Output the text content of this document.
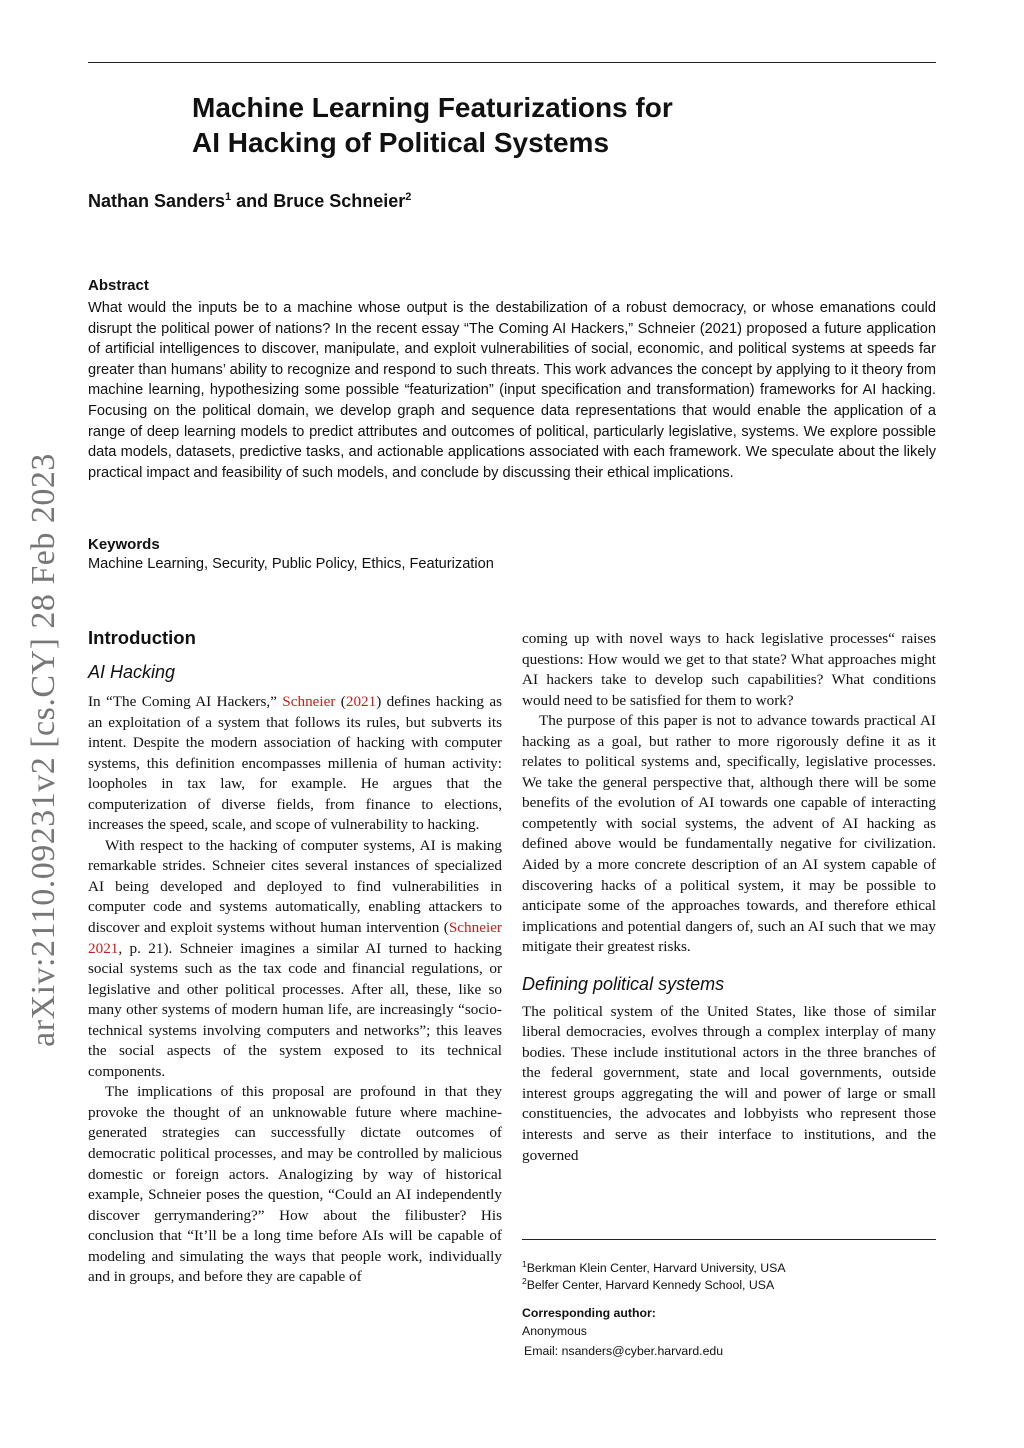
arXiv:2110.09231v2 [cs.CY] 28 Feb 2023
Machine Learning Featurizations for
AI Hacking of Political Systems

Nathan Sanders$^1$ and Bruce Schneier$^2$

Abstract

What would the inputs be to a machine whose output is the destabilization of a robust democracy, or whose emanations could disrupt the political power of nations? In the recent essay “The Coming AI Hackers,” Schneier (2021) proposed a future application of artificial intelligences to discover, manipulate, and exploit vulnerabilities of social, economic, and political systems at speeds far greater than humans’ ability to recognize and respond to such threats. This work advances the concept by applying to it theory from machine learning, hypothesizing some possible “featurization” (input specification and transformation) frameworks for AI hacking. Focusing on the political domain, we develop graph and sequence data representations that would enable the application of a range of deep learning models to predict attributes and outcomes of political, particularly legislative, systems. We explore possible data models, datasets, predictive tasks, and actionable applications associated with each framework. We speculate about the likely practical impact and feasibility of such models, and conclude by discussing their ethical implications.

Keywords

Machine Learning, Security, Public Policy, Ethics, Featurization

Introduction
AI Hacking

In “The Coming AI Hackers,” Schneier (2021) defines hacking as an exploitation of a system that follows its rules, but subverts its intent. Despite the modern association of hacking with computer systems, this definition encompasses millenia of human activity: loopholes in tax law, for example. He argues that the computerization of diverse fields, from finance to elections, increases the speed, scale, and scope of vulnerability to hacking.

With respect to the hacking of computer systems, AI is making remarkable strides. Schneier cites several instances of specialized AI being developed and deployed to find vulnerabilities in computer code and systems automatically, enabling attackers to discover and exploit systems without human intervention (Schneier 2021, p. 21). Schneier imagines a similar AI turned to hacking social systems such as the tax code and financial regulations, or legislative and other political processes. After all, these, like so many other systems of modern human life, are increasingly “socio-technical systems involving computers and networks”; this leaves the social aspects of the system exposed to its technical components.

The implications of this proposal are profound in that they provoke the thought of an unknowable future where machine-generated strategies can successfully dictate outcomes of democratic political processes, and may be controlled by malicious domestic or foreign actors. Analogizing by way of historical example, Schneier poses the question, “Could an AI independently discover gerrymandering?” How about the filibuster? His conclusion that “It’ll be a long time before AIs will be capable of modeling and simulating the ways that people work, individually and in groups, and before they are capable of

coming up with novel ways to hack legislative processes“ raises questions: How would we get to that state? What approaches might AI hackers take to develop such capabilities? What conditions would need to be satisfied for them to work?

The purpose of this paper is not to advance towards practical AI hacking as a goal, but rather to more rigorously define it as it relates to political systems and, specifically, legislative processes. We take the general perspective that, although there will be some benefits of the evolution of AI towards one capable of interacting competently with social systems, the advent of AI hacking as defined above would be fundamentally negative for civilization. Aided by a more concrete description of an AI system capable of discovering hacks of a political system, it may be possible to anticipate some of the approaches towards, and therefore ethical implications and potential dangers of, such an AI such that we may mitigate their greatest risks.

Defining political systems

The political system of the United States, like those of similar liberal democracies, evolves through a complex interplay of many bodies. These include institutional actors in the three branches of the federal government, state and local governments, outside interest groups aggregating the will and power of large or small constituencies, the advocates and lobbyists who represent those interests and serve as their interface to institutions, and the governed

$^1$Berkman Klein Center, Harvard University, USA

$^2$Belfer Center, Harvard Kennedy School, USA

Corresponding author:

Anonymous

Email: nsanders@cyber.harvard.edu
